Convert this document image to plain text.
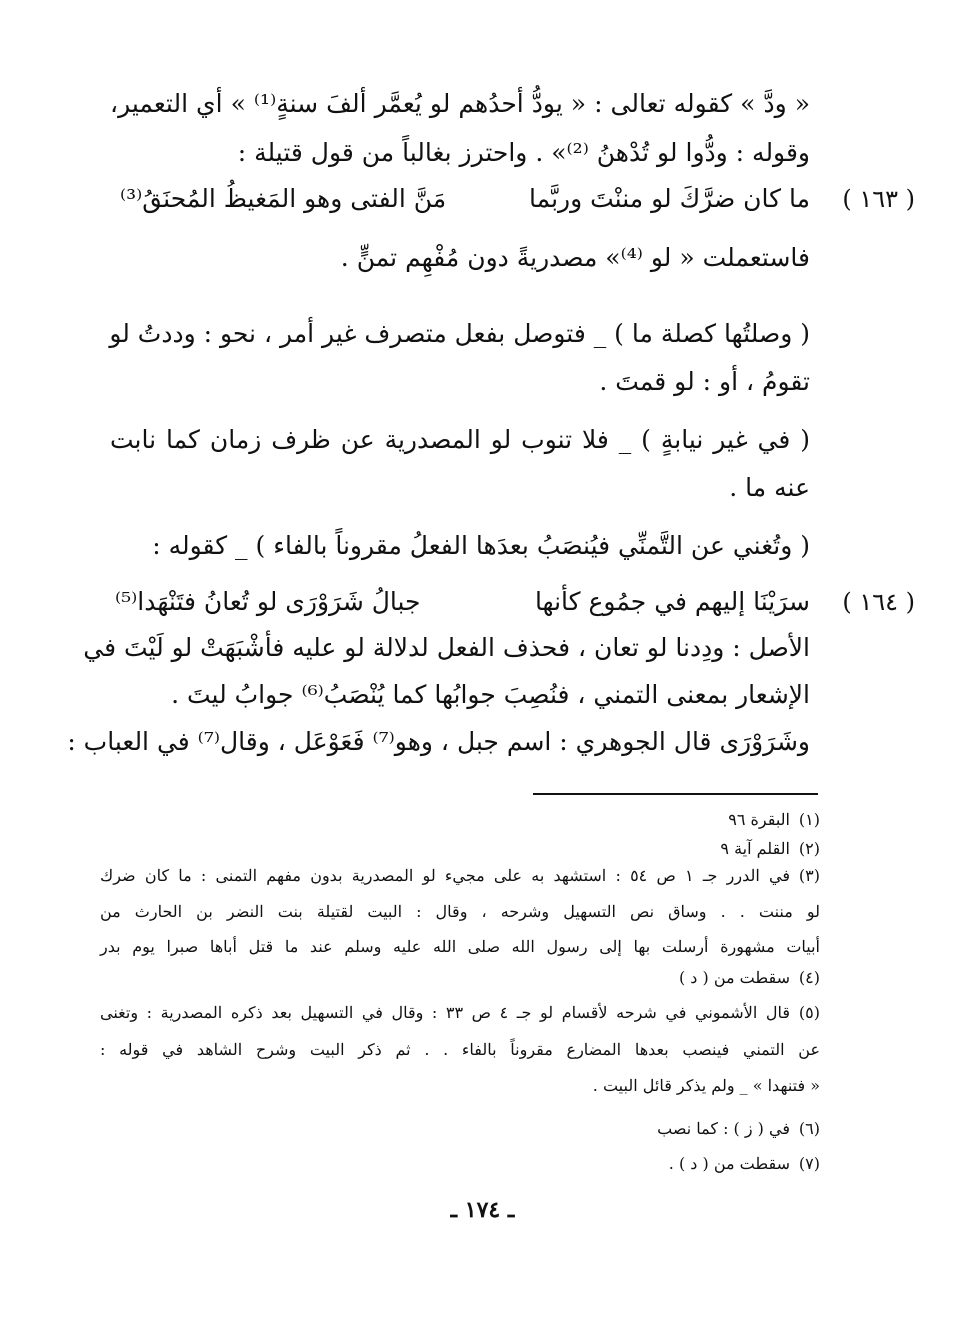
« ودَّ » كقوله تعالى : « يودُّ أحدُهم لو يُعمَّر ألفَ سنةٍ⁽¹⁾ » أي التعمير،
وقوله : ودُّوا لو تُدْهنُ ⁽²⁾» . واحترز بغالباً من قول قتيلة :
( ١٦٣ )
ما كان ضرَّكَ لو مننْتَ وربَّما
مَنَّ الفتى وهو المَغيظُ المُحنَقُ⁽³⁾
فاستعملت « لو ⁽⁴⁾» مصدريةً دون مُفْهِم تمنٍّ .
( وصلتُها كصلة ما ) _ فتوصل بفعل متصرف غير أمر ، نحو : وددتُ لو
تقومُ ، أو : لو قمتَ .
( في غير نيابةٍ ) _ فلا تنوب لو المصدرية عن ظرف زمان كما نابت
عنه ما .
( وتُغني عن التَّمنِّي فيُنصَبُ بعدَها الفعلُ مقروناً بالفاء ) _ كقوله :
( ١٦٤ )
سرَيْنَا إليهم في جمُوع كأنها
جبالُ شَرَوْرَى لو تُعانُ فتَنْهَدا⁽⁵⁾
الأصل : ودِدنا لو تعان ، فحذف الفعل لدلالة لو عليه فأشْبَهَتْ لو لَيْتَ في
الإشعار بمعنى التمني ، فنُصِبَ جوابُها كما يُنْصَبُ⁽⁶⁾ جوابُ ليتَ .
وشَرَوْرَى قال الجوهري : اسم جبل ، وهو⁽⁷⁾ فَعَوْعَل ، وقال⁽⁷⁾ في العباب :
(١)
البقرة ٩٦
(٢)
القلم آية ٩
(٣)
في الدرر جـ ١ ص ٥٤ : استشهد به على مجيء لو المصدرية بدون مفهم التمنى : ما كان ضرك
لو مننت . . وساق نص التسهيل وشرحه ، وقال : البيت لقتيلة بنت النضر بن الحارث من
أبيات مشهورة أرسلت بها إلى رسول الله صلى الله عليه وسلم عند ما قتل أباها صبرا يوم بدر
(٤)
سقطت من ( د )
(٥)
قال الأشموني في شرحه لأقسام لو جـ ٤ ص ٣٣ : وقال في التسهيل بعد ذكره المصدرية : وتغنى
عن التمني فينصب بعدها المضارع مقروناً بالفاء . . ثم ذكر البيت وشرح الشاهد في قوله :
« فتنهدا » _ ولم يذكر قائل البيت .
(٦)
في ( ز ) : كما نصب
(٧)
سقطت من ( د ) .
ـ ١٧٤ ـ
